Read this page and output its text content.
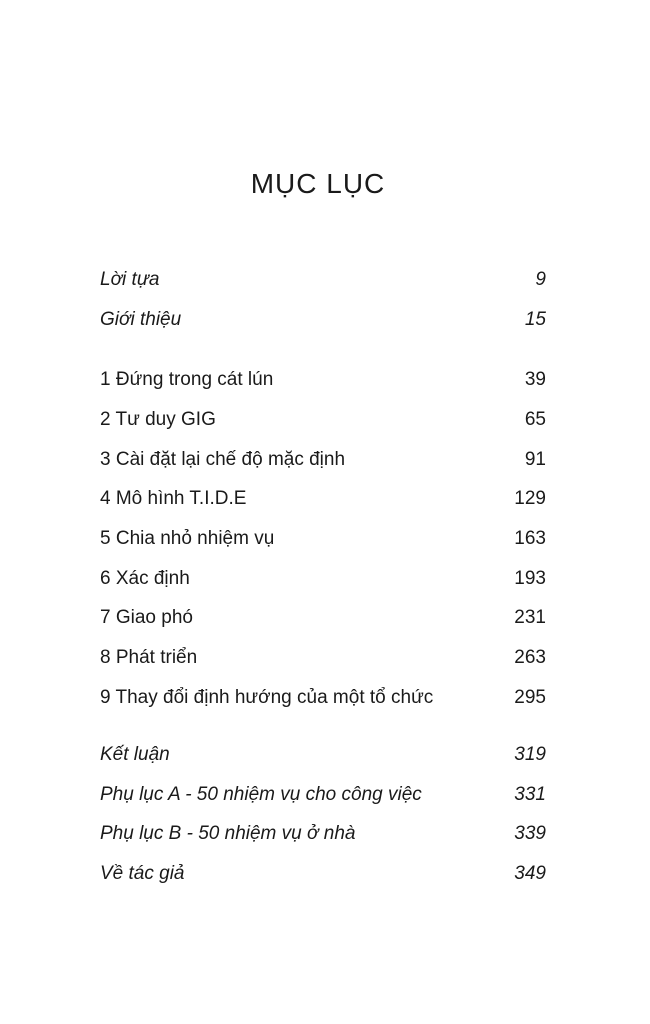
MỤC LỤC
Lời tựa	9
Giới thiệu	15
1 Đứng trong cát lún	39
2 Tư duy GIG	65
3 Cài đặt lại chế độ mặc định	91
4 Mô hình T.I.D.E	129
5 Chia nhỏ nhiệm vụ	163
6 Xác định	193
7 Giao phó	231
8 Phát triển	263
9 Thay đổi định hướng của một tổ chức	295
Kết luận	319
Phụ lục A - 50 nhiệm vụ cho công việc	331
Phụ lục B - 50 nhiệm vụ ở nhà	339
Về tác giả	349
